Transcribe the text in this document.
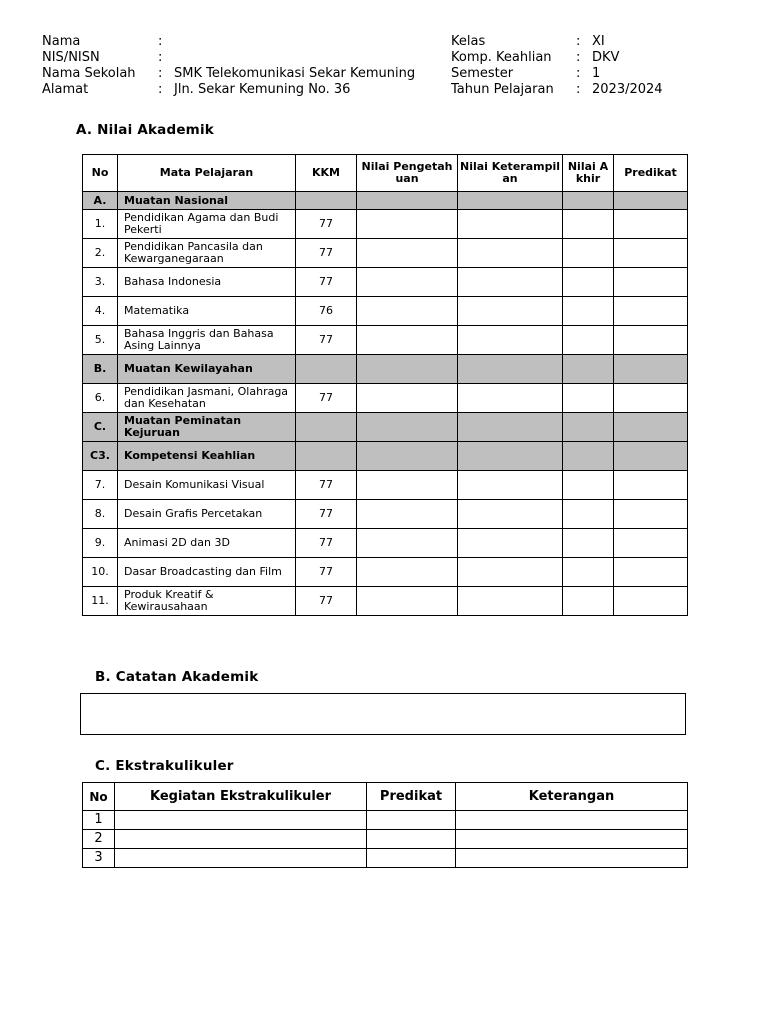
Nama	:
NIS/NISN	:
Nama Sekolah	: SMK Telekomunikasi Sekar Kemuning
Alamat	: Jln. Sekar Kemuning No. 36
Kelas	: XI
Komp. Keahlian	: DKV
Semester	: 1
Tahun Pelajaran	: 2023/2024
A. Nilai Akademik
No	Mata Pelajaran	KKM	Nilai Pengetahuan	Nilai Keterampilan	Nilai Akhir	Predikat
A.	Muatan Nasional					
1.	Pendidikan Agama dan Budi Pekerti	77				
2.	Pendidikan Pancasila dan Kewarganegaraan	77				
3.	Bahasa Indonesia	77				
4.	Matematika	76				
5.	Bahasa Inggris dan Bahasa Asing Lainnya	77				
B.	Muatan Kewilayahan					
6.	Pendidikan Jasmani, Olahraga dan Kesehatan	77				
C.	Muatan Peminatan Kejuruan					
C3.	Kompetensi Keahlian					
7.	Desain Komunikasi Visual	77				
8.	Desain Grafis Percetakan	77				
9.	Animasi 2D dan 3D	77				
10.	Dasar Broadcasting dan Film	77				
11.	Produk Kreatif & Kewirausahaan	77				
B. Catatan Akademik
C. Ekstrakulikuler
No	Kegiatan Ekstrakulikuler	Predikat	Keterangan
1			
2			
3			
